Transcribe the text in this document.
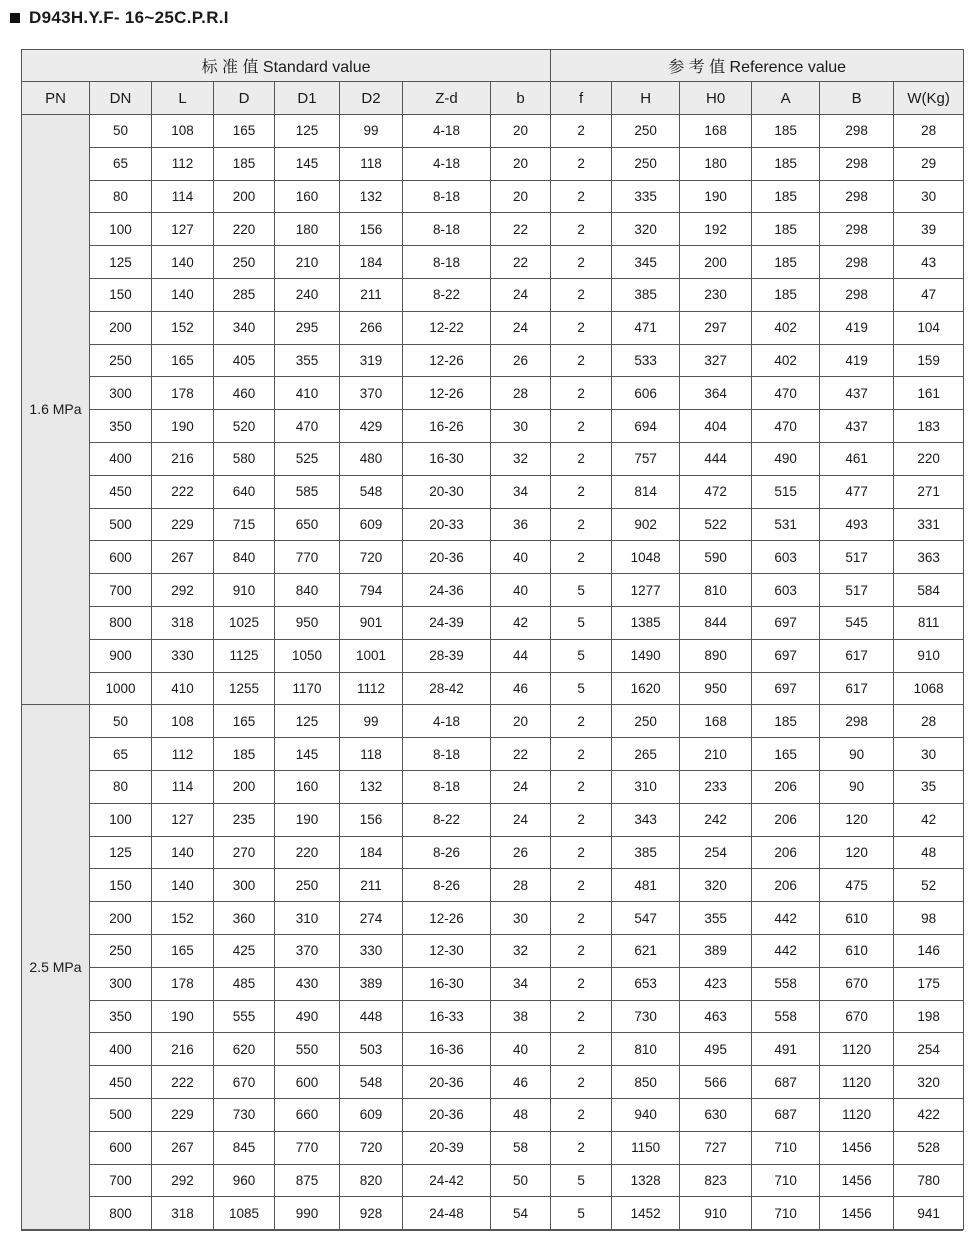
D943H.Y.F- 16~25C.P.R.I
标 准 值 Standard value								参 考 值 Reference value					
PN	DN	L	D	D1	D2	Z-d	b	f	H	H0	A	B	W(Kg)
1.6 MPa	50	108	165	125	99	4-18	20	2	250	168	185	298	28
	65	112	185	145	118	4-18	20	2	250	180	185	298	29
	80	114	200	160	132	8-18	20	2	335	190	185	298	30
	100	127	220	180	156	8-18	22	2	320	192	185	298	39
	125	140	250	210	184	8-18	22	2	345	200	185	298	43
	150	140	285	240	211	8-22	24	2	385	230	185	298	47
	200	152	340	295	266	12-22	24	2	471	297	402	419	104
	250	165	405	355	319	12-26	26	2	533	327	402	419	159
	300	178	460	410	370	12-26	28	2	606	364	470	437	161
	350	190	520	470	429	16-26	30	2	694	404	470	437	183
	400	216	580	525	480	16-30	32	2	757	444	490	461	220
	450	222	640	585	548	20-30	34	2	814	472	515	477	271
	500	229	715	650	609	20-33	36	2	902	522	531	493	331
	600	267	840	770	720	20-36	40	2	1048	590	603	517	363
	700	292	910	840	794	24-36	40	5	1277	810	603	517	584
	800	318	1025	950	901	24-39	42	5	1385	844	697	545	811
	900	330	1125	1050	1001	28-39	44	5	1490	890	697	617	910
	1000	410	1255	1170	1112	28-42	46	5	1620	950	697	617	1068
2.5 MPa	50	108	165	125	99	4-18	20	2	250	168	185	298	28
	65	112	185	145	118	8-18	22	2	265	210	165	90	30
	80	114	200	160	132	8-18	24	2	310	233	206	90	35
	100	127	235	190	156	8-22	24	2	343	242	206	120	42
	125	140	270	220	184	8-26	26	2	385	254	206	120	48
	150	140	300	250	211	8-26	28	2	481	320	206	475	52
	200	152	360	310	274	12-26	30	2	547	355	442	610	98
	250	165	425	370	330	12-30	32	2	621	389	442	610	146
	300	178	485	430	389	16-30	34	2	653	423	558	670	175
	350	190	555	490	448	16-33	38	2	730	463	558	670	198
	400	216	620	550	503	16-36	40	2	810	495	491	1120	254
	450	222	670	600	548	20-36	46	2	850	566	687	1120	320
	500	229	730	660	609	20-36	48	2	940	630	687	1120	422
	600	267	845	770	720	20-39	58	2	1150	727	710	1456	528
	700	292	960	875	820	24-42	50	5	1328	823	710	1456	780
	800	318	1085	990	928	24-48	54	5	1452	910	710	1456	941
